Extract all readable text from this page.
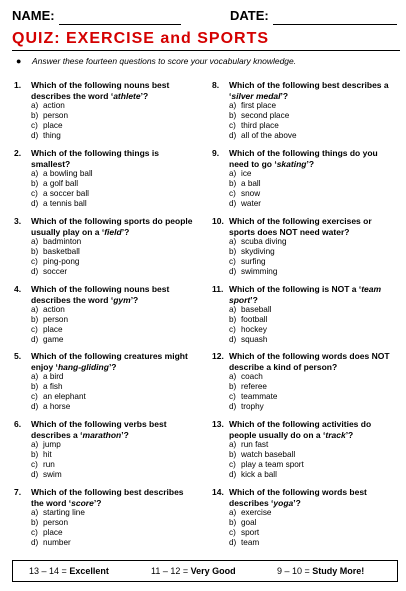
NAME:	DATE:
QUIZ: EXERCISE and SPORTS
● Answer these fourteen questions to score your vocabulary knowledge.
1. Which of the following nouns best describes the word ‘athlete’?
a) action
b) person
c) place
d) thing
2. Which of the following things is smallest?
a) a bowling ball
b) a golf ball
c) a soccer ball
d) a tennis ball
3. Which of the following sports do people usually play on a ‘field’?
a) badminton
b) basketball
c) ping-pong
d) soccer
4. Which of the following nouns best describes the word ‘gym’?
a) action
b) person
c) place
d) game
5. Which of the following creatures might enjoy ‘hang-gliding’?
a) a bird
b) a fish
c) an elephant
d) a horse
6. Which of the following verbs best describes a ‘marathon’?
a) jump
b) hit
c) run
d) swim
7. Which of the following best describes the word ‘score’?
a) starting line
b) person
c) place
d) number
8. Which of the following best describes a ‘silver medal’?
a) first place
b) second place
c) third place
d) all of the above
9. Which of the following things do you need to go ‘skating’?
a) ice
b) a ball
c) snow
d) water
10. Which of the following exercises or sports does NOT need water?
a) scuba diving
b) skydiving
c) surfing
d) swimming
11. Which of the following is NOT a ‘team sport’?
a) baseball
b) football
c) hockey
d) squash
12. Which of the following words does NOT describe a kind of person?
a) coach
b) referee
c) teammate
d) trophy
13. Which of the following activities do people usually do on a ‘track’?
a) run fast
b) watch baseball
c) play a team sport
d) kick a ball
14. Which of the following words best describes ‘yoga’?
a) exercise
b) goal
c) sport
d) team
13 – 14 = Excellent	11 – 12 = Very Good	9 – 10 = Study More!
